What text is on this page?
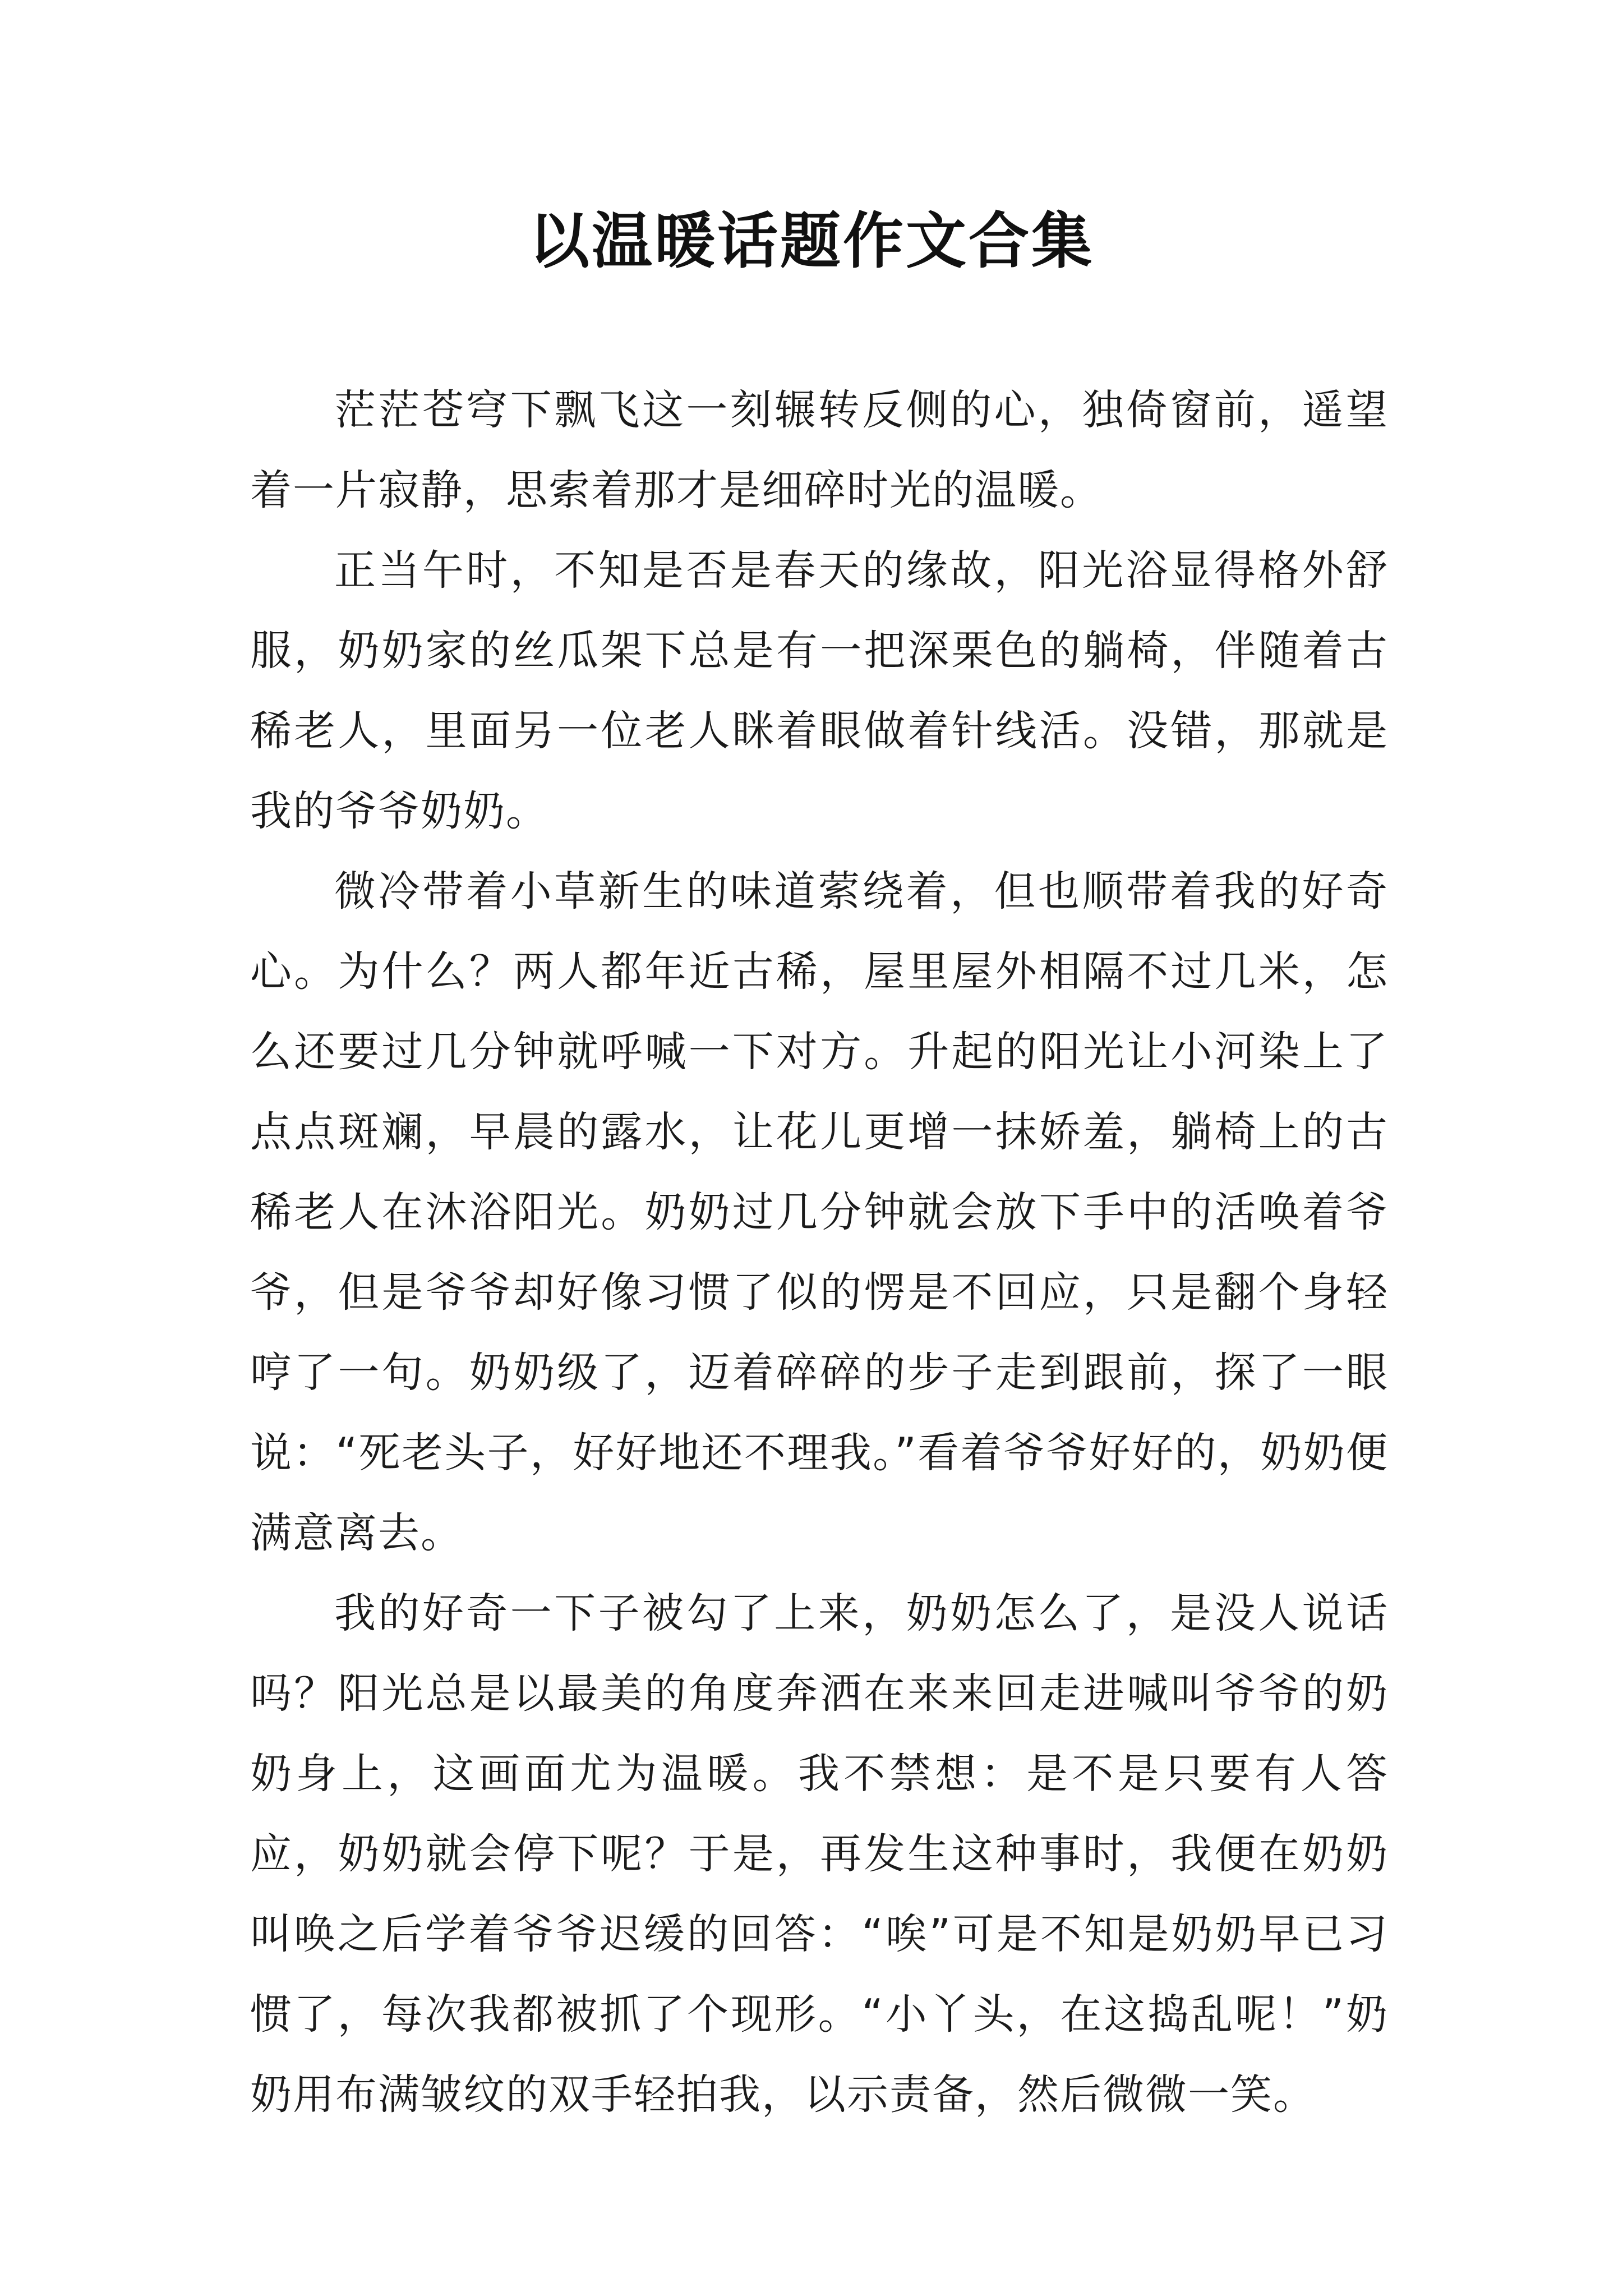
以温暖话题作文合集

茫茫苍穹下飘飞这一刻辗转反侧的心，独倚窗前，遥望着一片寂静，思索着那才是细碎时光的温暖。

正当午时，不知是否是春天的缘故，阳光浴显得格外舒服，奶奶家的丝瓜架下总是有一把深栗色的躺椅，伴随着古稀老人，里面另一位老人眯着眼做着针线活。没错，那就是我的爷爷奶奶。

微冷带着小草新生的味道萦绕着，但也顺带着我的好奇心。为什么？两人都年近古稀，屋里屋外相隔不过几米，怎么还要过几分钟就呼喊一下对方。升起的阳光让小河染上了点点斑斓，早晨的露水，让花儿更增一抹娇羞，躺椅上的古稀老人在沐浴阳光。奶奶过几分钟就会放下手中的活唤着爷爷，但是爷爷却好像习惯了似的愣是不回应，只是翻个身轻哼了一句。奶奶级了，迈着碎碎的步子走到跟前，探了一眼说：“死老头子，好好地还不理我。”看着爷爷好好的，奶奶便满意离去。

我的好奇一下子被勾了上来，奶奶怎么了，是没人说话吗？阳光总是以最美的角度奔洒在来来回走进喊叫爷爷的奶奶身上，这画面尤为温暖。我不禁想：是不是只要有人答应，奶奶就会停下呢？于是，再发生这种事时，我便在奶奶叫唤之后学着爷爷迟缓的回答：“唉”可是不知是奶奶早已习惯了，每次我都被抓了个现形。“小丫头，在这捣乱呢！”奶奶用布满皱纹的双手轻拍我，以示责备，然后微微一笑。
